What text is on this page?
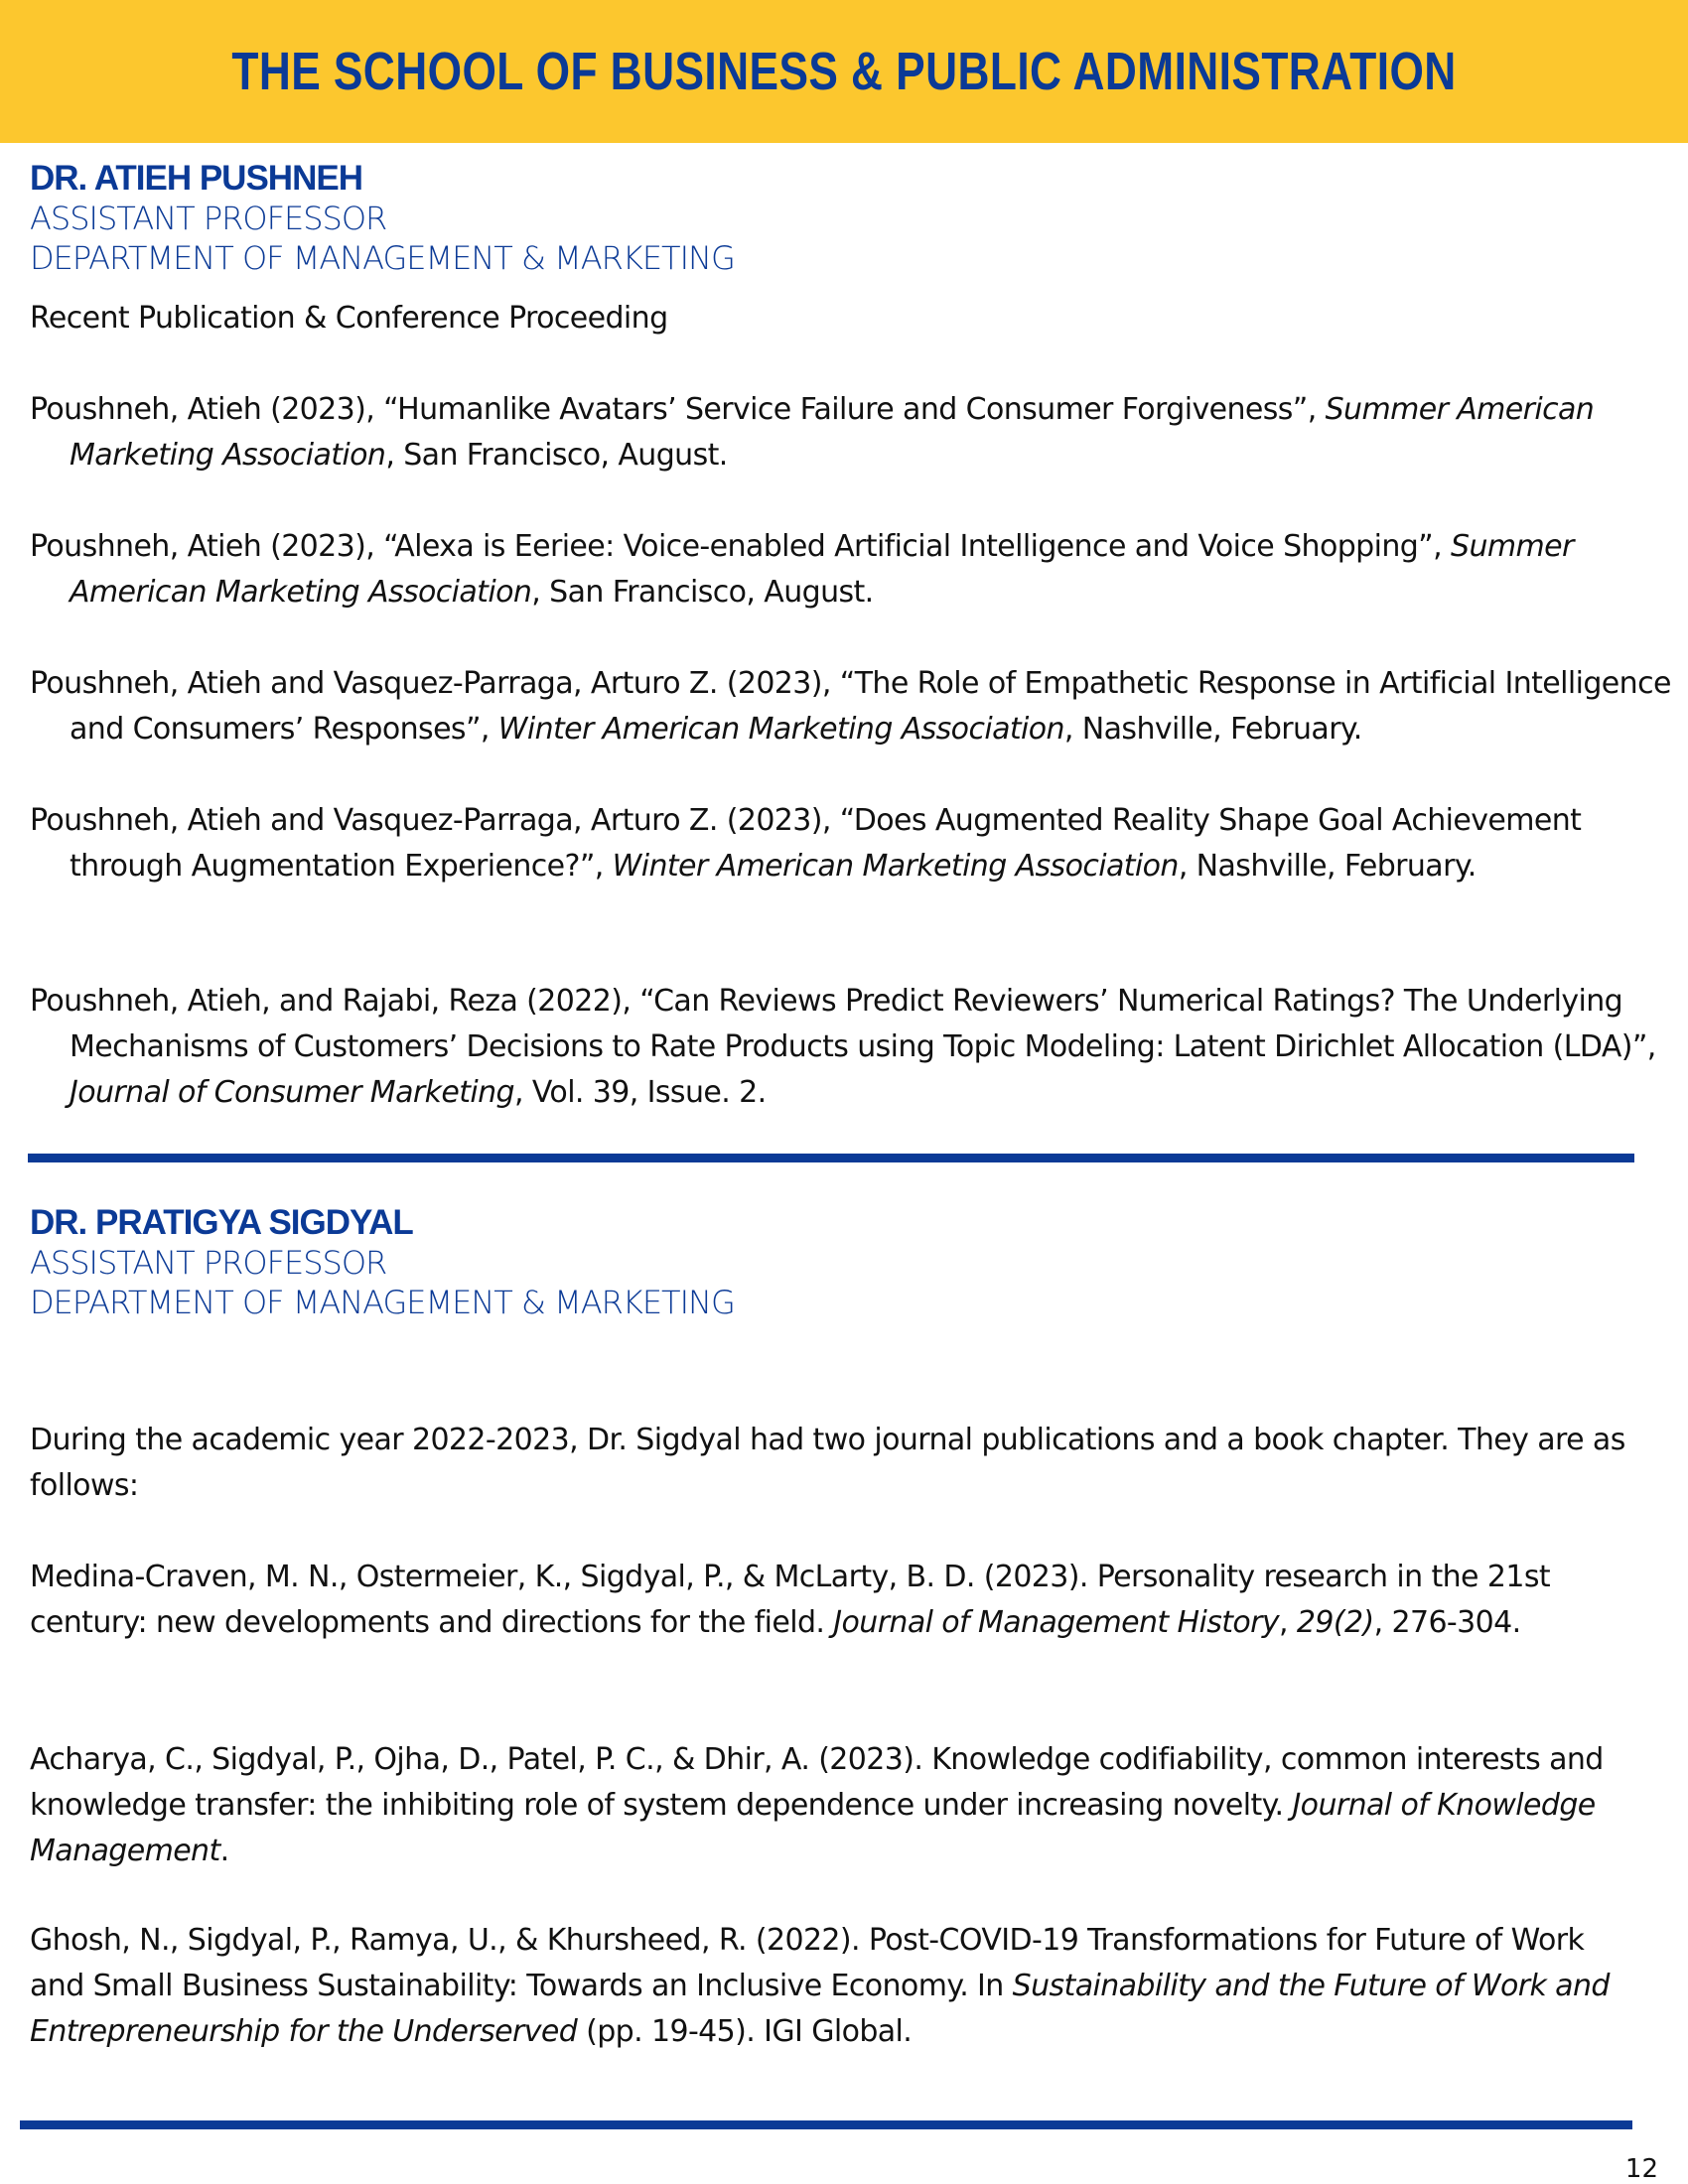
THE SCHOOL OF BUSINESS & PUBLIC ADMINISTRATION
DR. ATIEH PUSHNEH
ASSISTANT PROFESSOR
DEPARTMENT OF MANAGEMENT & MARKETING
Recent Publication & Conference Proceeding
Poushneh, Atieh (2023), “Humanlike Avatars’ Service Failure and Consumer Forgiveness”, Summer American Marketing Association, San Francisco, August.
Poushneh, Atieh (2023), “Alexa is Eeriee: Voice-enabled Artificial Intelligence and Voice Shopping”, Summer American Marketing Association, San Francisco, August.
Poushneh, Atieh and Vasquez-Parraga, Arturo Z. (2023), “The Role of Empathetic Response in Artificial Intelligence and Consumers’ Responses”, Winter American Marketing Association, Nashville, February.
Poushneh, Atieh and Vasquez-Parraga, Arturo Z. (2023), “Does Augmented Reality Shape Goal Achievement through Augmentation Experience?”, Winter American Marketing Association, Nashville, February.
Poushneh, Atieh, and Rajabi, Reza (2022), “Can Reviews Predict Reviewers’ Numerical Ratings? The Underlying Mechanisms of Customers’ Decisions to Rate Products using Topic Modeling: Latent Dirichlet Allocation (LDA)”, Journal of Consumer Marketing, Vol. 39, Issue. 2.
DR. PRATIGYA SIGDYAL
ASSISTANT PROFESSOR
DEPARTMENT OF MANAGEMENT & MARKETING
During the academic year 2022-2023, Dr. Sigdyal had two journal publications and a book chapter. They are as follows:
Medina-Craven, M. N., Ostermeier, K., Sigdyal, P., & McLarty, B. D. (2023). Personality research in the 21st century: new developments and directions for the field. Journal of Management History, 29(2), 276-304.
Acharya, C., Sigdyal, P., Ojha, D., Patel, P. C., & Dhir, A. (2023). Knowledge codifiability, common interests and knowledge transfer: the inhibiting role of system dependence under increasing novelty. Journal of Knowledge Management.
Ghosh, N., Sigdyal, P., Ramya, U., & Khursheed, R. (2022). Post-COVID-19 Transformations for Future of Work and Small Business Sustainability: Towards an Inclusive Economy. In Sustainability and the Future of Work and Entrepreneurship for the Underserved (pp. 19-45). IGI Global.
12
